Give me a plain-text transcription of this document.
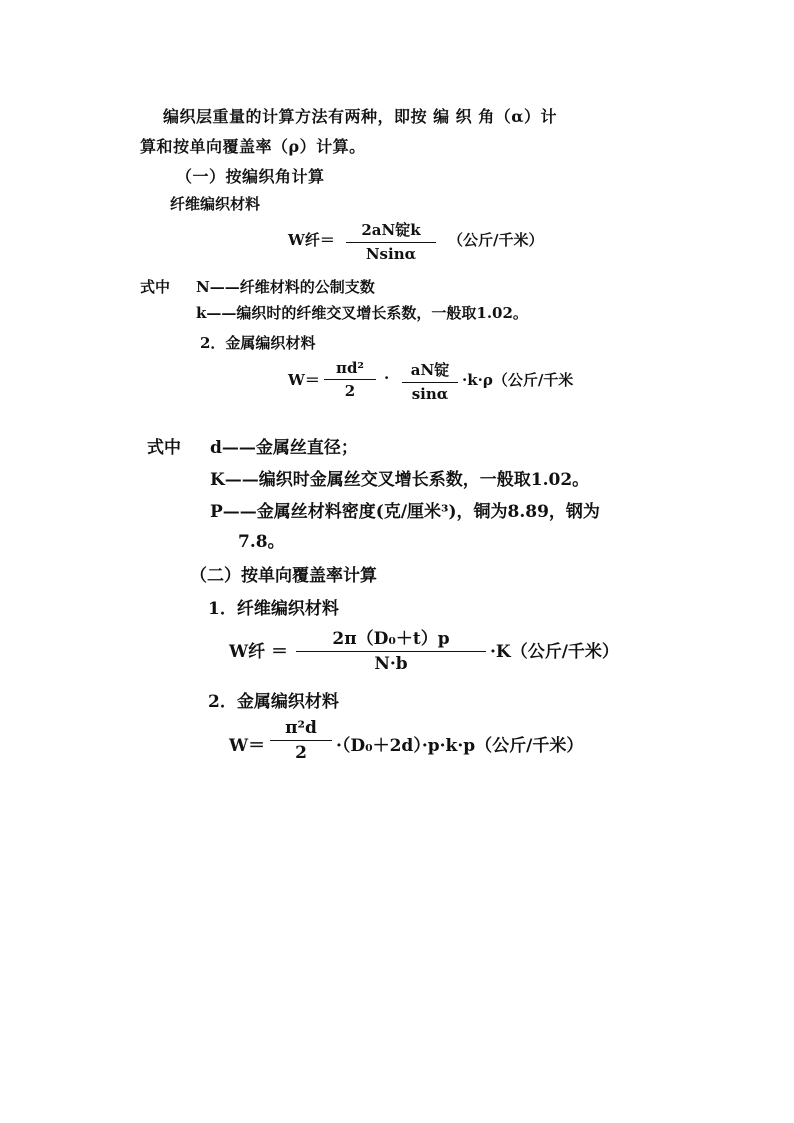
编织层重量的计算方法有两种，即按 编 织 角（α）计
算和按单向覆盖率（ρ）计算。
（一）按编织角计算
纤维编织材料
W纤＝
2aN锭k
Nsinα
（公斤/千米）
式中 N——纤维材料的公制支数
k——编织时的纤维交叉增长系数，一般取1.02。
2．金属编织材料
$W= \frac{\text{πd²}}{2}$ ·	aN锭
sinα
·k·ρ（公斤/千米
式中 d——金属丝直径；
K——编织时金属丝交叉增长系数，一般取1.02。
P——金属丝材料密度(克/厘米³)，铜为8.89，钢为
7.8。
（二）按单向覆盖率计算
1．纤维编织材料
W纤 ＝ $\frac{\text{2π（D₀＋t）p}}{N\cdot b} \cdot K$（公斤/千米）
2．金属编织材料
$W= \frac{\text{π²d}}{2} \cdot(D_0+2d)\cdot p\cdot k\cdot p$（公斤/千米）
